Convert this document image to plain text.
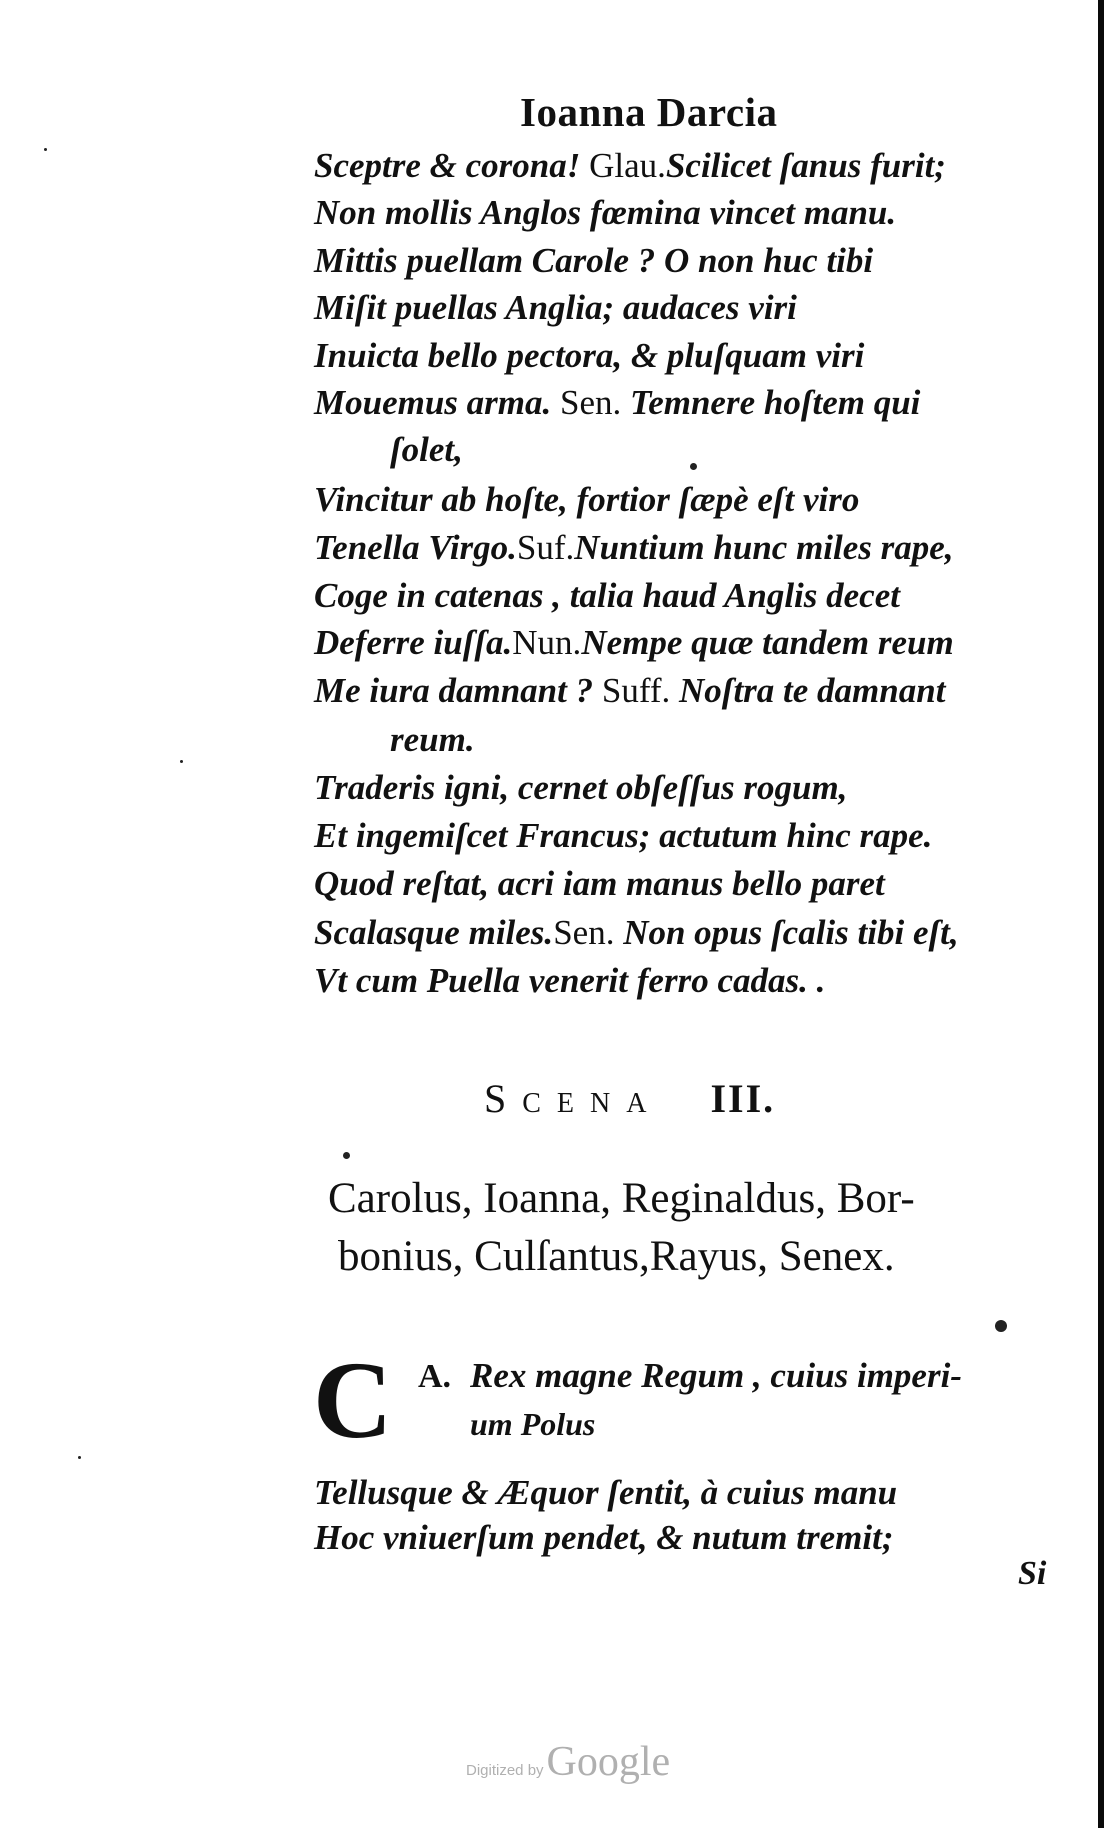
Ioanna Darcia
Sceptre & corona! Glau.Scilicet ſanus furit;
Non mollis Anglos fœmina vincet manu.
Mittis puellam Carole ? O non huc tibi
Miſit puellas Anglia; audaces viri
Inuicta bello pectora, & pluſquam viri
Mouemus arma. Sen. Temnere hoſtem qui
ſolet,
Vincitur ab hoſte, fortior ſæpè eſt viro
Tenella Virgo.Suf.Nuntium hunc miles rape,
Coge in catenas , talia haud Anglis decet
Deferre iuſſa.Nun.Nempe quæ tandem reum
Me iura damnant ? Suff. Noſtra te damnant
reum.
Traderis igni, cernet obſeſſus rogum,
Et ingemiſcet Francus; actutum hinc rape.
Quod reſtat, acri iam manus bello paret
Scalasque miles.Sen. Non opus ſcalis tibi eſt,
Vt cum Puella venerit ferro cadas. .
Scena III.
Carolus, Ioanna, Reginaldus, Bor-
bonius, Culſantus,Rayus, Senex.
C A. Rex magne Regum , cuius imperi-
um Polus
Tellusque & Æquor ſentit, à cuius manu
Hoc vniuerſum pendet, & nutum tremit;
Si
Digitized byGoogle
